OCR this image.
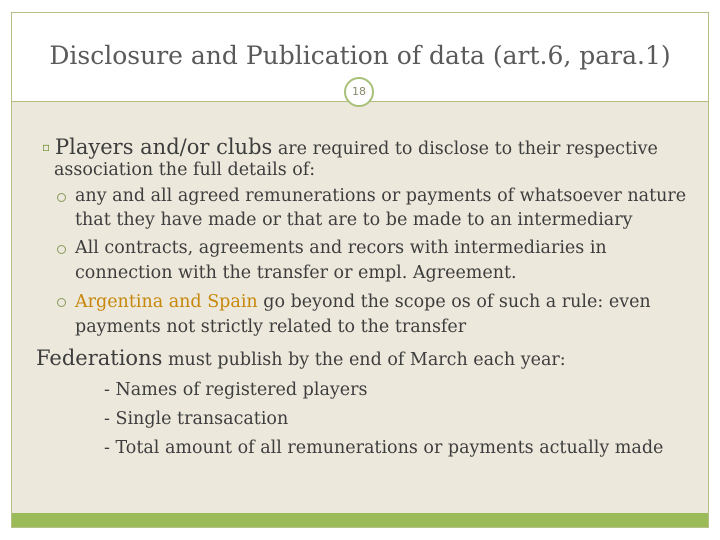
Disclosure and Publication of data (art.6, para.1)
▫ Players and/or clubs are required to disclose to their respective
association the full details of:
any and all agreed remunerations or payments of whatsoever nature
that they have made or that are to be made to an intermediary
All contracts, agreements and recors with intermediaries in
connection with the transfer or empl. Agreement.
Argentina and Spain go beyond the scope os of such a rule: even
payments not strictly related to the transfer
Federations must publish by the end of March each year:
- Names of registered players
- Single transacation
- Total amount of all remunerations or payments actually made
18
